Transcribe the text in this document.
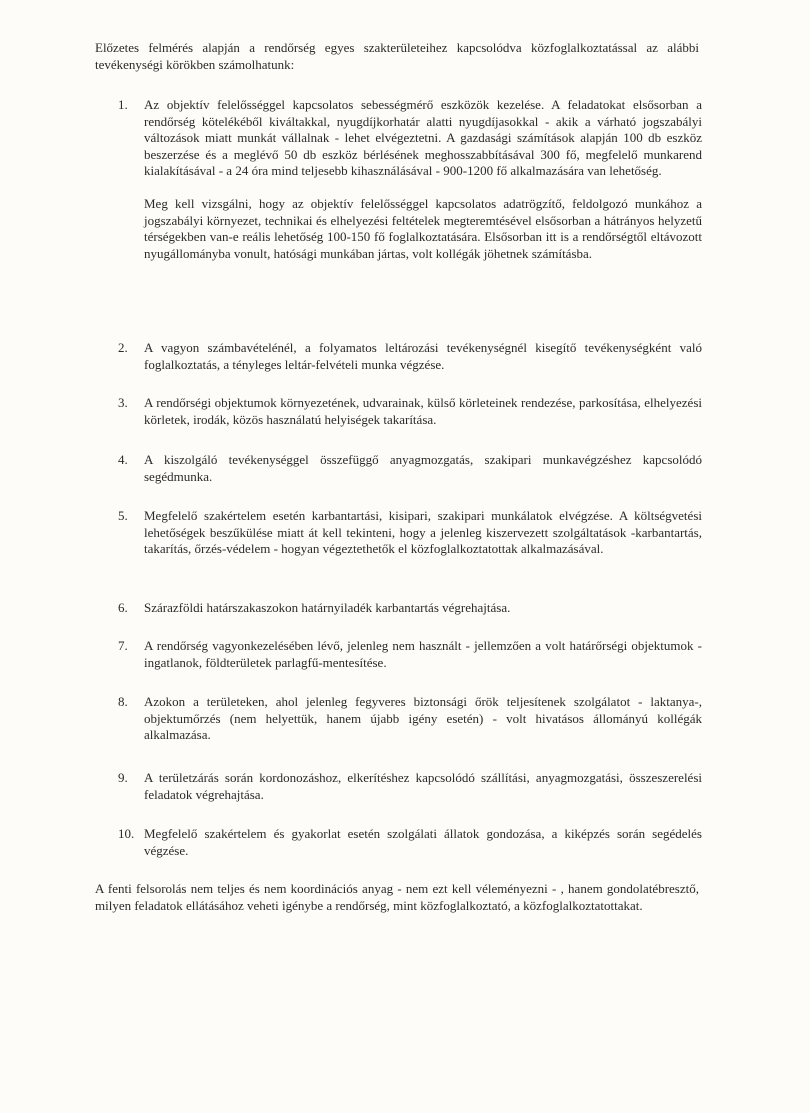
Előzetes felmérés alapján a rendőrség egyes szakterületeihez kapcsolódva közfoglalkoztatással az alábbi tevékenységi körökben számolhatunk:
1.	Az objektív felelősséggel kapcsolatos sebességmérő eszközök kezelése. A feladatokat elsősorban a rendőrség kötelékéből kiváltakkal, nyugdíjkorhatár alatti nyugdíjasokkal - akik a várható jogszabályi változások miatt munkát vállalnak - lehet elvégeztetni. A gazdasági számítások alapján 100 db eszköz beszerzése és a meglévő 50 db eszköz bérlésének meghosszabbításával 300 fő, megfelelő munkarend kialakításával - a 24 óra mind teljesebb kihasználásával - 900-1200 fő alkalmazására van lehetőség.

Meg kell vizsgálni, hogy az objektív felelősséggel kapcsolatos adatrögzítő, feldolgozó munkához a jogszabályi környezet, technikai és elhelyezési feltételek megteremtésével elsősorban a hátrányos helyzetű térségekben van-e reális lehetőség 100-150 fő foglalkoztatására. Elsősorban itt is a rendőrségtől eltávozott nyugállományba vonult, hatósági munkában jártas, volt kollégák jöhetnek számításba.

2.	A vagyon számbavételénél, a folyamatos leltározási tevékenységnél kisegítő tevékenységként való foglalkoztatás, a tényleges leltár-felvételi munka végzése.

3.	A rendőrségi objektumok környezetének, udvarainak, külső körleteinek rendezése, parkosítása, elhelyezési körletek, irodák, közös használatú helyiségek takarítása.

4.	A kiszolgáló tevékenységgel összefüggő anyagmozgatás, szakipari munkavégzéshez kapcsolódó segédmunka.

5.	Megfelelő szakértelem esetén karbantartási, kisipari, szakipari munkálatok elvégzése. A költségvetési lehetőségek beszűkülése miatt át kell tekinteni, hogy a jelenleg kiszervezett szolgáltatások -karbantartás, takarítás, őrzés-védelem - hogyan végeztethetők el közfoglalkoztatottak alkalmazásával.

6.	Szárazföldi határszakaszokon határnyiladék karbantartás végrehajtása.

7.	A rendőrség vagyonkezelésében lévő, jelenleg nem használt - jellemzően a volt határőrségi objektumok - ingatlanok, földterületek parlagfű-mentesítése.

8.	Azokon a területeken, ahol jelenleg fegyveres biztonsági őrök teljesítenek szolgálatot - laktanya-, objektumőrzés (nem helyettük, hanem újabb igény esetén) - volt hivatásos állományú kollégák alkalmazása.

9.	A területzárás során kordonozáshoz, elkerítéshez kapcsolódó szállítási, anyagmozgatási, összeszerelési feladatok végrehajtása.

10. Megfelelő szakértelem és gyakorlat esetén szolgálati állatok gondozása, a kiképzés során segédelés végzése.

A fenti felsorolás nem teljes és nem koordinációs anyag - nem ezt kell véleményezni - , hanem gondolatébresztő, milyen feladatok ellátásához veheti igénybe a rendőrség, mint közfoglalkoztató, a közfoglalkoztatottakat.
